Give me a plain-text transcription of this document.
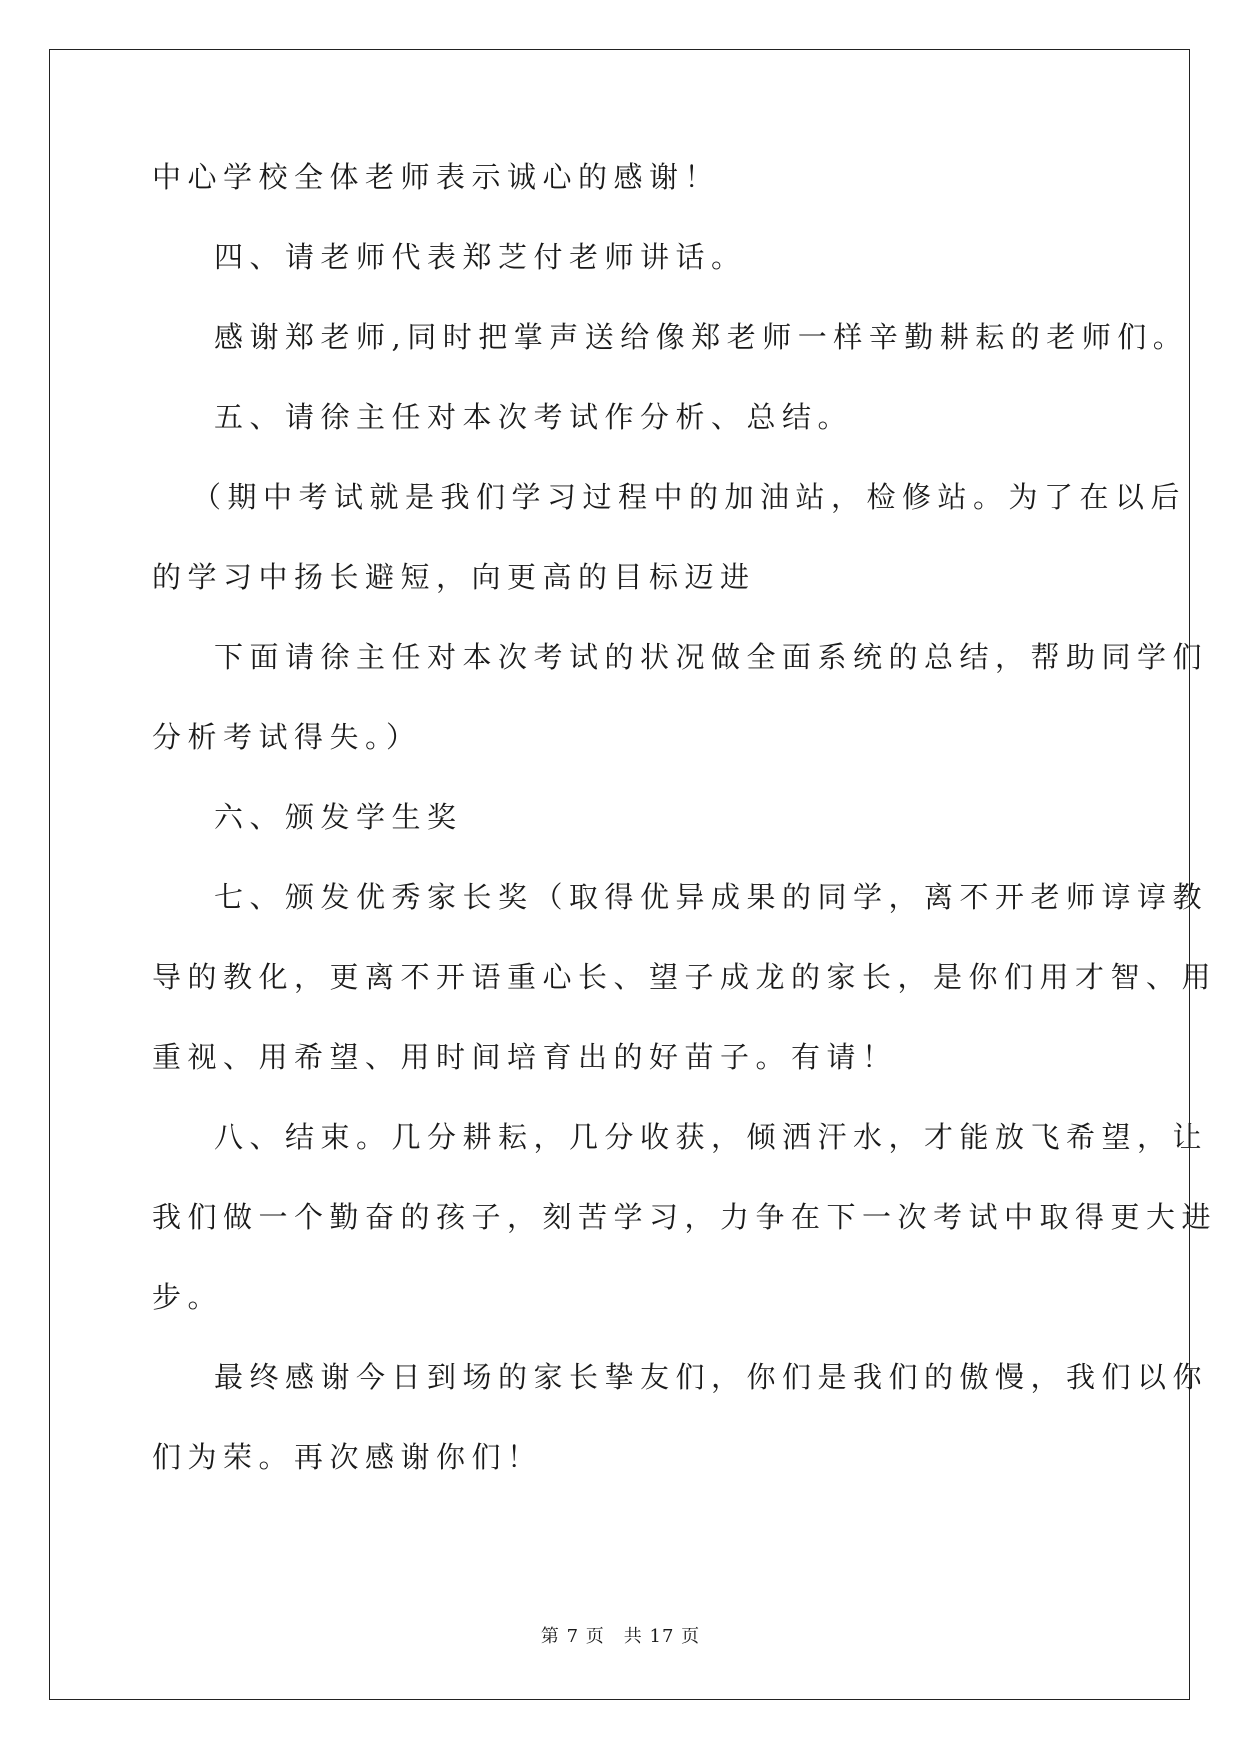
中心学校全体老师表示诚心的感谢！
四、请老师代表郑芝付老师讲话。
感谢郑老师,同时把掌声送给像郑老师一样辛勤耕耘的老师们。
五、请徐主任对本次考试作分析、总结。
（期中考试就是我们学习过程中的加油站，检修站。为了在以后
的学习中扬长避短，向更高的目标迈进
下面请徐主任对本次考试的状况做全面系统的总结，帮助同学们
分析考试得失。）
六、颁发学生奖
七、颁发优秀家长奖（取得优异成果的同学，离不开老师谆谆教
导的教化，更离不开语重心长、望子成龙的家长，是你们用才智、用
重视、用希望、用时间培育出的好苗子。有请！
八、结束。几分耕耘，几分收获，倾洒汗水，才能放飞希望，让
我们做一个勤奋的孩子，刻苦学习，力争在下一次考试中取得更大进
步。
最终感谢今日到场的家长挚友们，你们是我们的傲慢，我们以你
们为荣。再次感谢你们！
第 7 页　共 17 页
